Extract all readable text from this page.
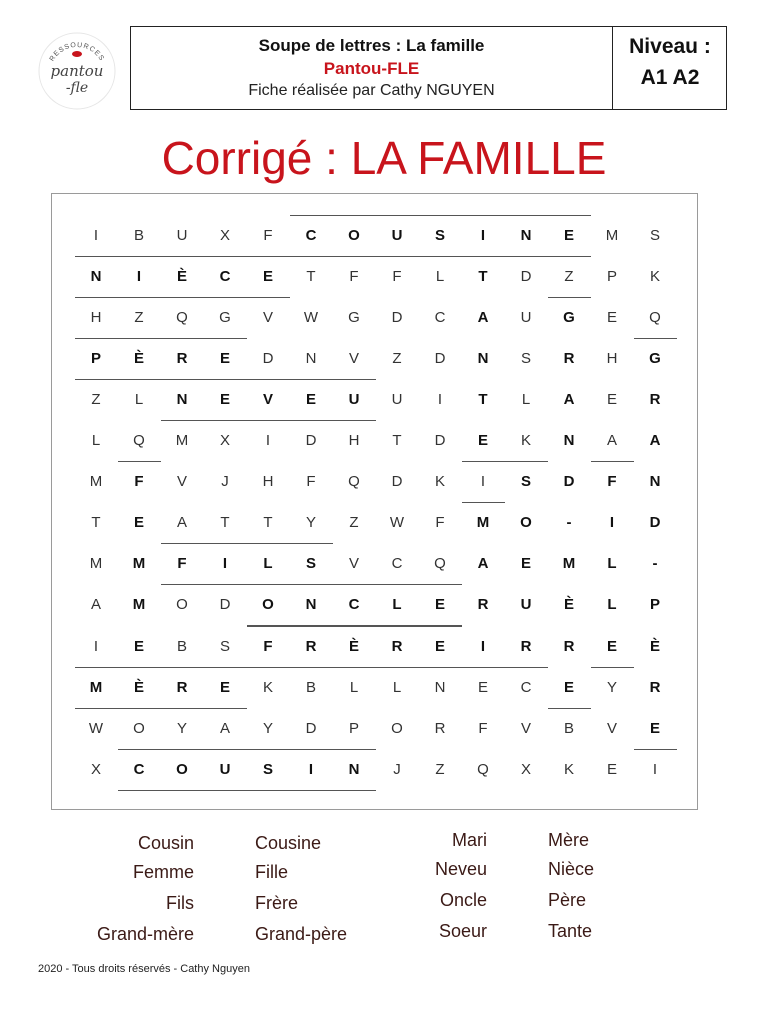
RESSOURCES
pantou
-fle
Soupe de lettres : La famille
Pantou-FLE
Fiche réalisée par Cathy NGUYEN
Niveau :
A1 A2
Corrigé : LA FAMILLE
I	B	U	X	F	C	O	U	S	I	N	E	M	S
N	I	È	C	E	T	F	F	L	T	D	Z	P	K
H	Z	Q	G	V	W	G	D	C	A	U	G	E	Q
P	È	R	E	D	N	V	Z	D	N	S	R	H	G
Z	L	N	E	V	E	U	U	I	T	L	A	E	R
L	Q	M	X	I	D	H	T	D	E	K	N	A	A
M	F	V	J	H	F	Q	D	K	I	S	D	F	N
T	E	A	T	T	Y	Z	W	F	M	O	-	I	D
M	M	F	I	L	S	V	C	Q	A	E	M	L	-
A	M	O	D	O	N	C	L	E	R	U	È	L	P
I	E	B	S	F	R	È	R	E	I	R	R	E	È
M	È	R	E	K	B	L	L	N	E	C	E	Y	R
W	O	Y	A	Y	D	P	O	R	F	V	B	V	E
X	C	O	U	S	I	N	J	Z	Q	X	K	E	I
Cousin
Femme
Fils
Grand-mère
Cousine
Fille
Frère
Grand-père
Mari
Neveu
Oncle
Soeur
Mère
Nièce
Père
Tante
2020 - Tous droits réservés - Cathy Nguyen
